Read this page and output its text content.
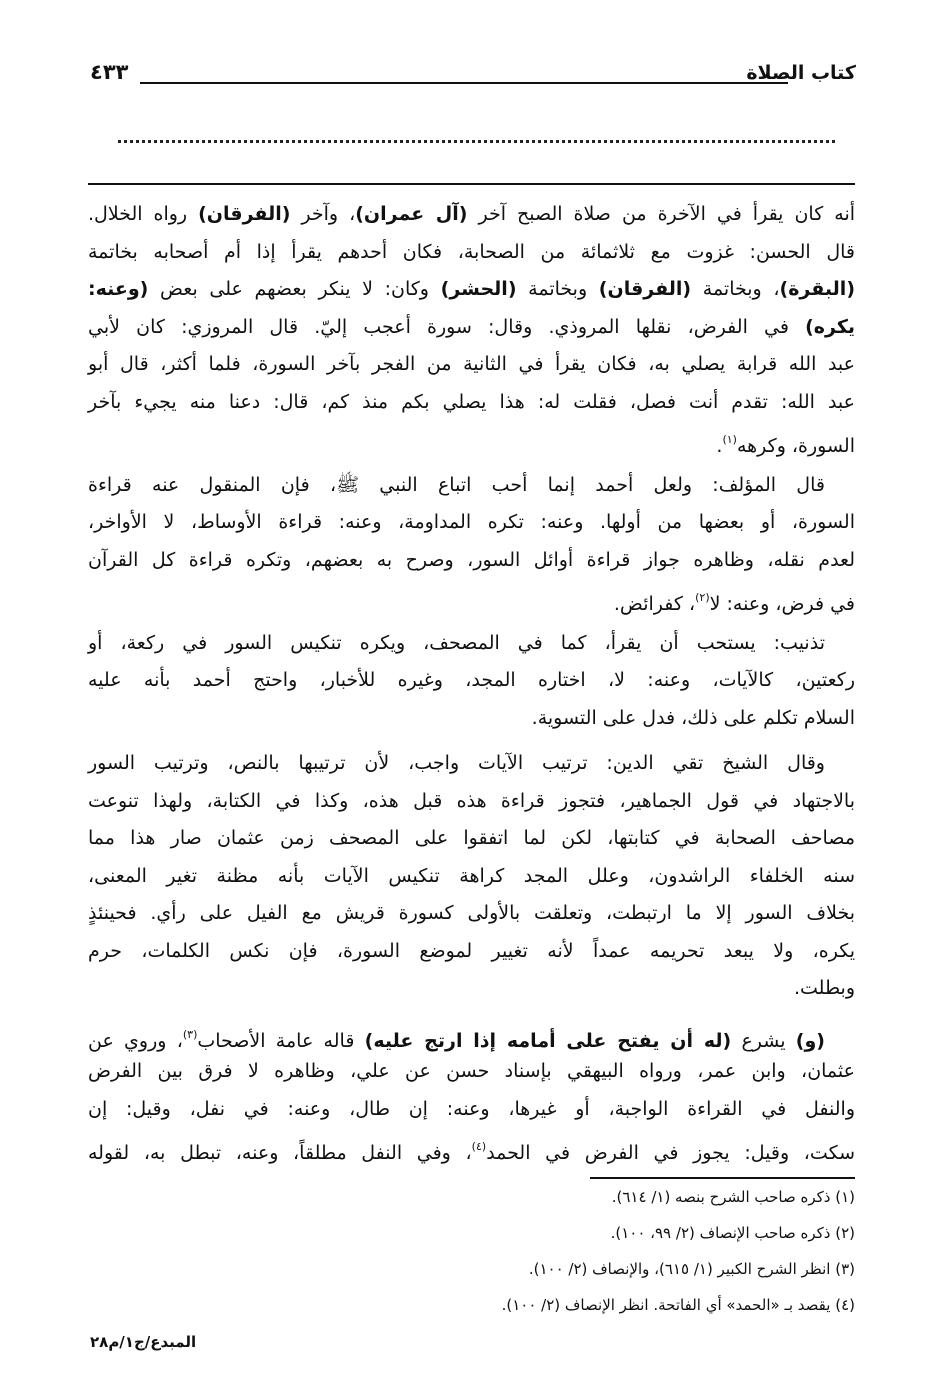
كتاب الصلاة
٤٣٣
أنه كان يقرأ في الآخرة من صلاة الصبح آخر (آل عمران)، وآخر (الفرقان) رواه الخلال.
قال الحسن: غزوت مع ثلاثمائة من الصحابة، فكان أحدهم يقرأ إذا أم أصحابه بخاتمة
(البقرة)، وبخاتمة (الفرقان) وبخاتمة (الحشر) وكان: لا ينكر بعضهم على بعض (وعنه:
يكره) في الفرض، نقلها المروذي. وقال: سورة أعجب إليّ. قال المروزي: كان لأبي
عبد الله قرابة يصلي به، فكان يقرأ في الثانية من الفجر بآخر السورة، فلما أكثر، قال أبو
عبد الله: تقدم أنت فصل، فقلت له: هذا يصلي بكم منذ كم، قال: دعنا منه يجيء بآخر
السورة، وكرهه$^{(١)}$.
قال المؤلف: ولعل أحمد إنما أحب اتباع النبي ﷺ، فإن المنقول عنه قراءة
السورة، أو بعضها من أولها. وعنه: تكره المداومة، وعنه: قراءة الأوساط، لا الأواخر،
لعدم نقله، وظاهره جواز قراءة أوائل السور، وصرح به بعضهم، وتكره قراءة كل القرآن
في فرض، وعنه: لا$^{(٢)}$، كفرائض.
تذنيب: يستحب أن يقرأ، كما في المصحف، ويكره تنكيس السور في ركعة، أو
ركعتين، كالآيات، وعنه: لا، اختاره المجد، وغيره للأخبار، واحتج أحمد بأنه عليه
السلام تكلم على ذلك، فدل على التسوية.
وقال الشيخ تقي الدين: ترتيب الآيات واجب، لأن ترتيبها بالنص، وترتيب السور
بالاجتهاد في قول الجماهير، فتجوز قراءة هذه قبل هذه، وكذا في الكتابة، ولهذا تنوعت
مصاحف الصحابة في كتابتها، لكن لما اتفقوا على المصحف زمن عثمان صار هذا مما
سنه الخلفاء الراشدون، وعلل المجد كراهة تنكيس الآيات بأنه مظنة تغير المعنى،
بخلاف السور إلا ما ارتبطت، وتعلقت بالأولى كسورة قريش مع الفيل على رأي. فحينئذٍ
يكره، ولا يبعد تحريمه عمداً لأنه تغيير لموضع السورة، فإن نكس الكلمات، حرم
وبطلت.
(و) يشرع (له أن يفتح على أمامه إذا ارتج عليه) قاله عامة الأصحاب$^{(٣)}$، وروي عن
عثمان، وابن عمر، ورواه البيهقي بإسناد حسن عن علي، وظاهره لا فرق بين الفرض
والنفل في القراءة الواجبة، أو غيرها، وعنه: إن طال، وعنه: في نفل، وقيل: إن
سكت، وقيل: يجوز في الفرض في الحمد$^{(٤)}$، وفي النفل مطلقاً، وعنه، تبطل به، لقوله
(١) ذكره صاحب الشرح بنصه (١/ ٦١٤).
(٢) ذكره صاحب الإنصاف (٢/ ٩٩، ١٠٠).
(٣) انظر الشرح الكبير (١/ ٦١٥)، والإنصاف (٢/ ١٠٠).
(٤) يقصد بـ «الحمد» أي الفاتحة. انظر الإنصاف (٢/ ١٠٠).
المبدع/ج١/م٢٨
